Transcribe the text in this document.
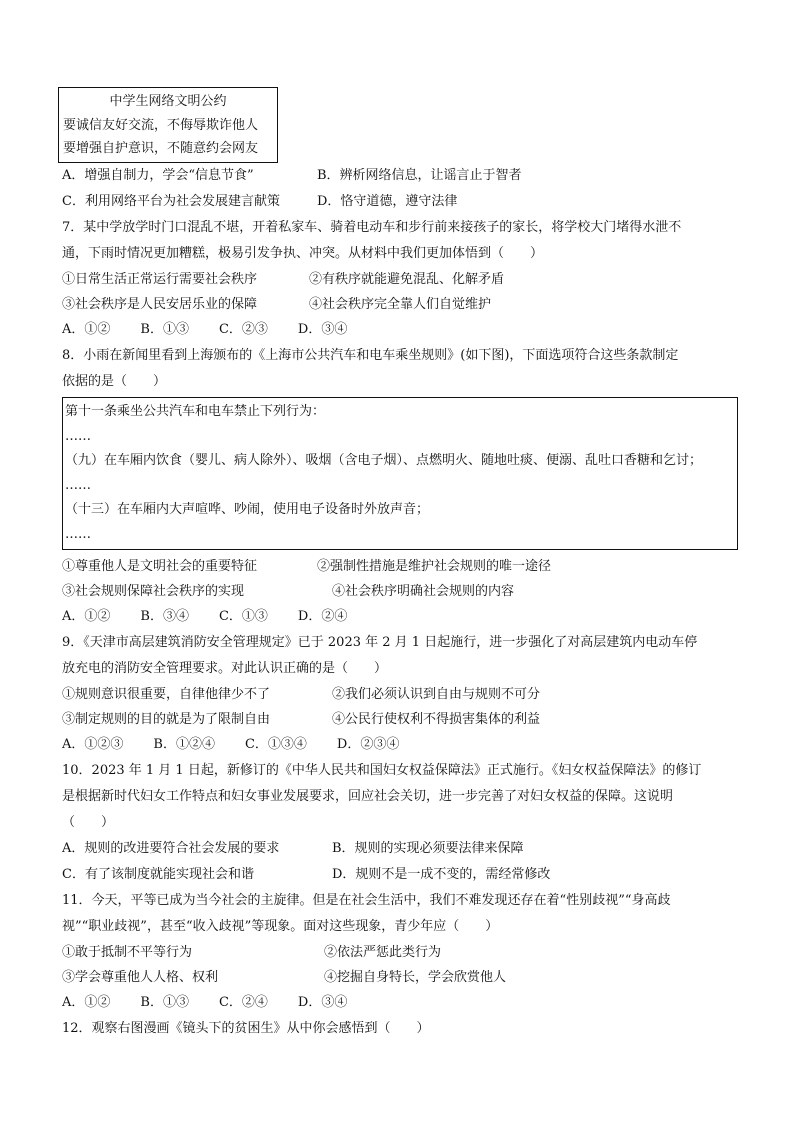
中学生网络文明公约
要诚信友好交流，不侮辱欺诈他人
要增强自护意识，不随意约会网友
A．增强自制力，学会“信息节食”	B．辨析网络信息，让谣言止于智者
C．利用网络平台为社会发展建言献策	D．恪守道德，遵守法律
7．某中学放学时门口混乱不堪，开着私家车、骑着电动车和步行前来接孩子的家长，将学校大门堵得水泄不
通，下雨时情况更加糟糕，极易引发争执、冲突。从材料中我们更加体悟到（　　）
①日常生活正常运行需要社会秩序	②有秩序就能避免混乱、化解矛盾
③社会秩序是人民安居乐业的保障	④社会秩序完全靠人们自觉维护
A．①② B．①③ C．②③ D．③④
8．小雨在新闻里看到上海颁布的《上海市公共汽车和电车乘坐规则》(如下图)，下面选项符合这些条款制定
依据的是（　　）
第十一条乘坐公共汽车和电车禁止下列行为：
……
（九）在车厢内饮食（婴儿、病人除外）、吸烟（含电子烟）、点燃明火、随地吐痰、便溺、乱吐口香糖和乞讨；
……
（十三）在车厢内大声喧哗、吵闹，使用电子设备时外放声音；
……
①尊重他人是文明社会的重要特征	②强制性措施是维护社会规则的唯一途径
③社会规则保障社会秩序的实现	④社会秩序明确社会规则的内容
A．①② B．③④ C．①③ D．②④
9．《天津市高层建筑消防安全管理规定》已于 2023 年 2 月 1 日起施行，进一步强化了对高层建筑内电动车停
放充电的消防安全管理要求。对此认识正确的是（　　）
①规则意识很重要，自律他律少不了	②我们必须认识到自由与规则不可分
③制定规则的目的就是为了限制自由	④公民行使权利不得损害集体的利益
A．①②③ B．①②④ C．①③④ D．②③④
10．2023 年 1 月 1 日起，新修订的《中华人民共和国妇女权益保障法》正式施行。《妇女权益保障法》的修订
是根据新时代妇女工作特点和妇女事业发展要求，回应社会关切，进一步完善了对妇女权益的保障。这说明
（　　）
A．规则的改进要符合社会发展的要求	B．规则的实现必须要法律来保障
C．有了该制度就能实现社会和谐	D．规则不是一成不变的，需经常修改
11．今天，平等已成为当今社会的主旋律。但是在社会生活中，我们不难发现还存在着“性别歧视”“身高歧
视”“职业歧视”，甚至“收入歧视”等现象。面对这些现象，青少年应（　　）
①敢于抵制不平等行为	②依法严惩此类行为
③学会尊重他人人格、权利	④挖掘自身特长，学会欣赏他人
A．①② B．①③ C．②④ D．③④
12．观察右图漫画《镜头下的贫困生》从中你会感悟到（　　）
